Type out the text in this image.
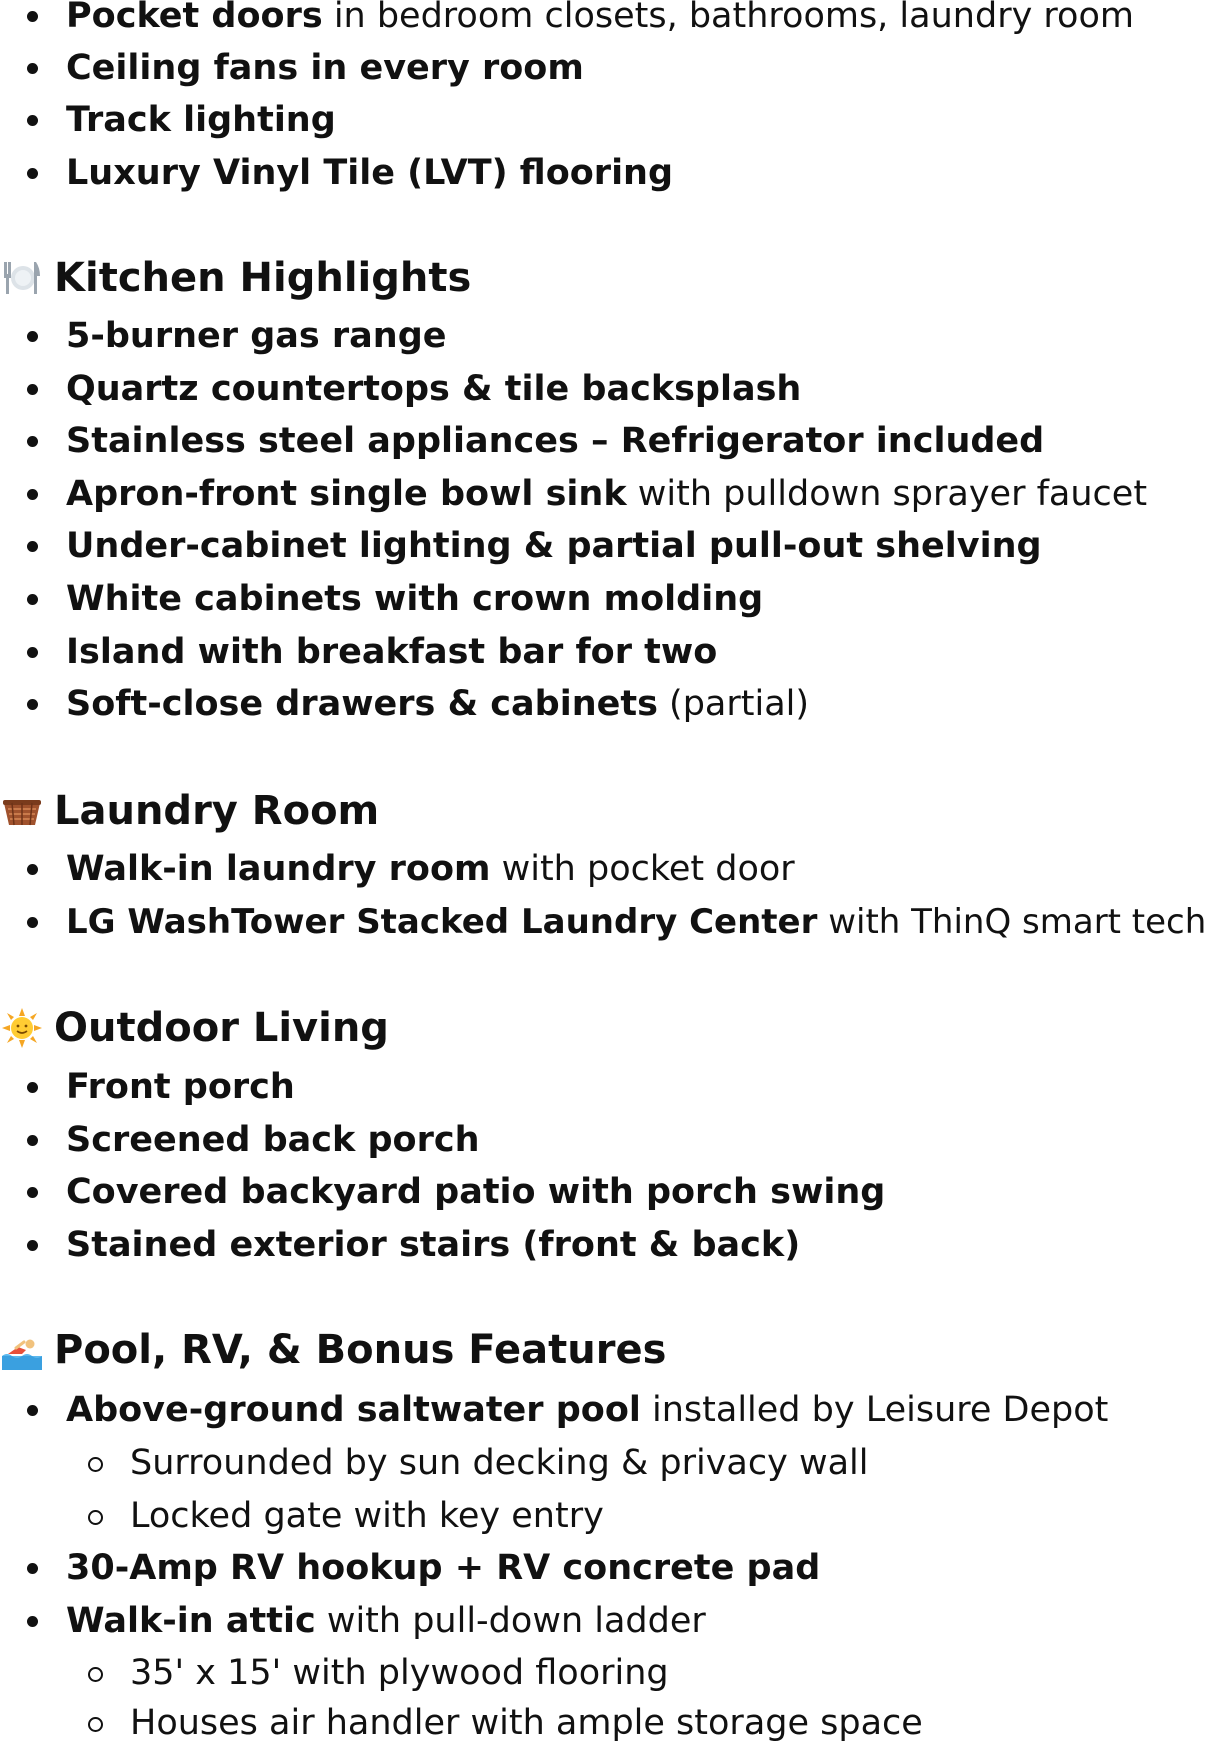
Pocket doors in bedroom closets, bathrooms, laundry room
Ceiling fans in every room
Track lighting
Luxury Vinyl Tile (LVT) flooring
Kitchen Highlights
5-burner gas range
Quartz countertops & tile backsplash
Stainless steel appliances – Refrigerator included
Apron-front single bowl sink with pulldown sprayer faucet
Under-cabinet lighting & partial pull-out shelving
White cabinets with crown molding
Island with breakfast bar for two
Soft-close drawers & cabinets (partial)
Laundry Room
Walk-in laundry room with pocket door
LG WashTower Stacked Laundry Center with ThinQ smart tech
Outdoor Living
Front porch
Screened back porch
Covered backyard patio with porch swing
Stained exterior stairs (front & back)
Pool, RV, & Bonus Features
Above-ground saltwater pool installed by Leisure Depot
Surrounded by sun decking & privacy wall
Locked gate with key entry
30-Amp RV hookup + RV concrete pad
Walk-in attic with pull-down ladder
35' x 15' with plywood flooring
Houses air handler with ample storage space
